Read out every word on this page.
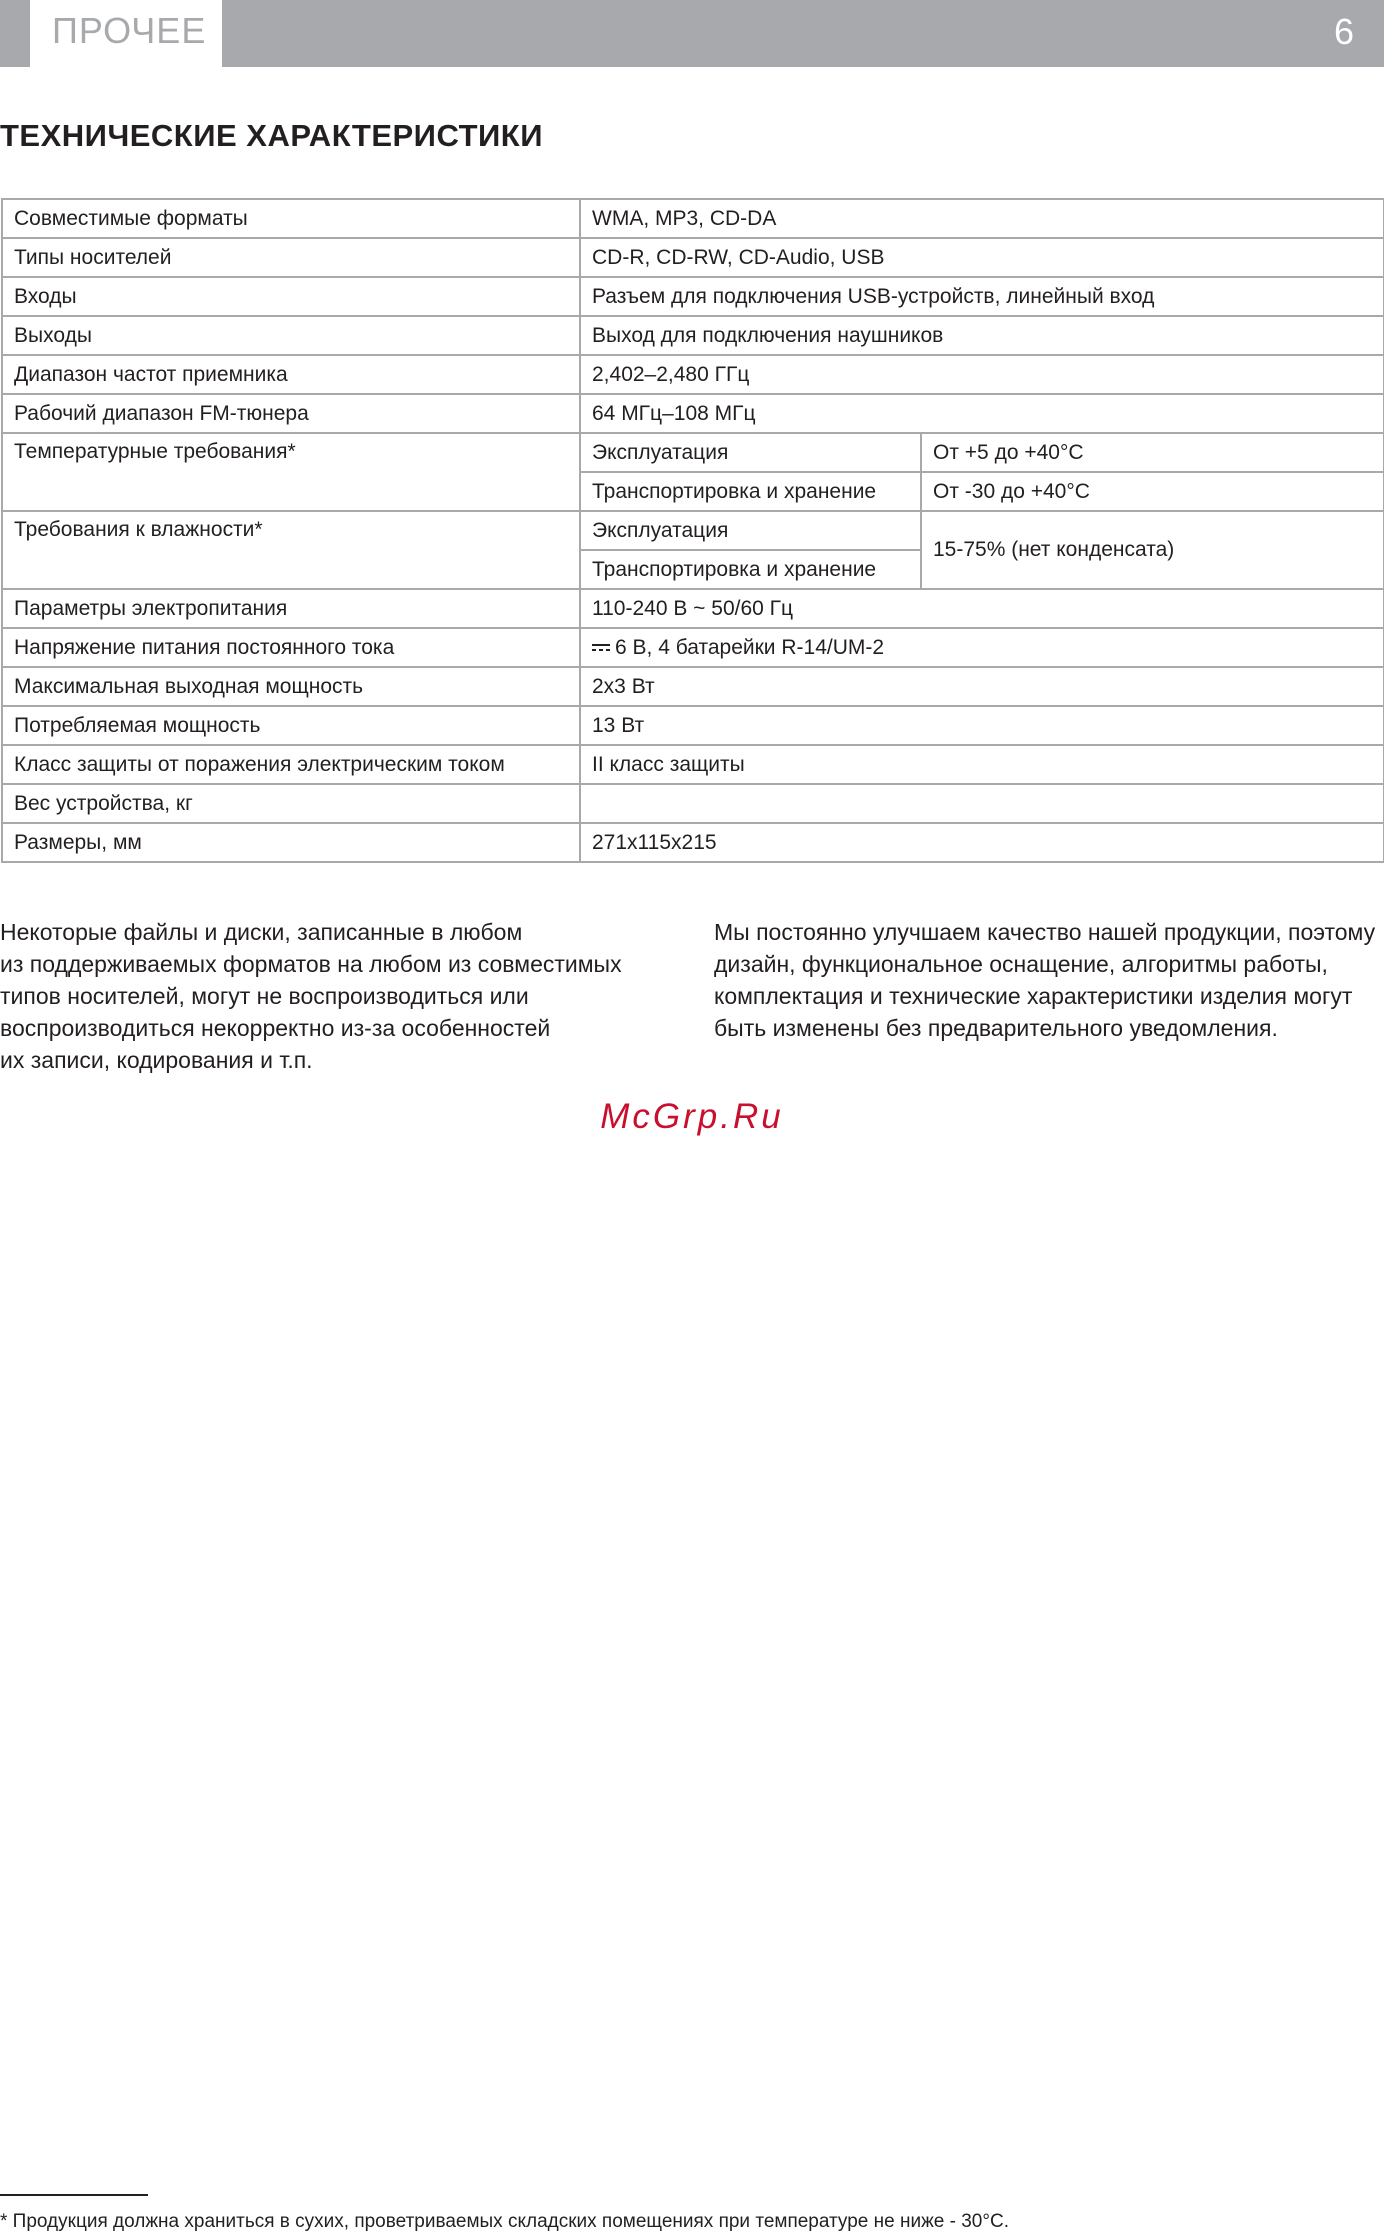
ПРОЧЕЕ	6
ТЕХНИЧЕСКИЕ ХАРАКТЕРИСТИКИ
Совместимые форматы	WMA, MP3, CD-DA	
Типы носителей	CD-R, CD-RW, CD-Audio, USB	
Входы	Разъем для подключения USB-устройств, линейный вход	
Выходы	Выход для подключения наушников	
Диапазон частот приемника	2,402–2,480 ГГц	
Рабочий диапазон FM-тюнера	64 МГц–108 МГц	
Температурные требования*	Эксплуатация	От +5 до +40°С
	Транспортировка и хранение	От -30 до +40°С
Требования к влажности*	Эксплуатация	15-75% (нет конденсата)
	Транспортировка и хранение	
Параметры электропитания	110-240 В ~ 50/60 Гц	
Напряжение питания постоянного тока	6 В, 4 батарейки R-14/UM-2	
Максимальная выходная мощность	2x3 Вт	
Потребляемая мощность	13 Вт	
Класс защиты от поражения электрическим током	II класс защиты	
Вес устройства, кг		
Размеры, мм	271x115x215	

Некоторые файлы и диски, записанные в любом
из поддерживаемых форматов на любом из совместимых
типов носителей, могут не воспроизводиться или
воспроизводиться некорректно из-за особенностей
их записи, кодирования и т.п.

Мы постоянно улучшаем качество нашей продукции, поэтому
дизайн, функциональное оснащение, алгоритмы работы,
комплектация и технические характеристики изделия могут
быть изменены без предварительного уведомления.

McGrp.Ru

* Продукция должна храниться в сухих, проветриваемых складских помещениях при температуре не ниже - 30°С.
